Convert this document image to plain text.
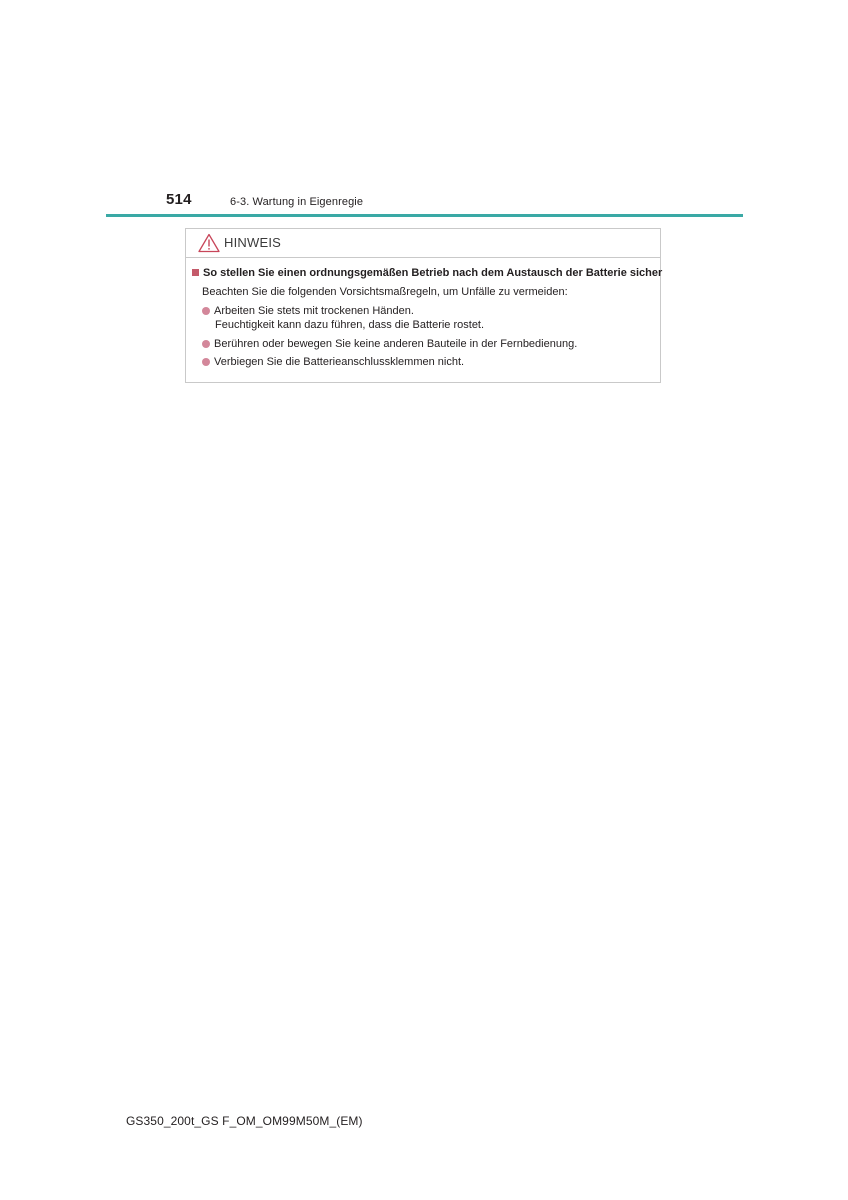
514	6-3. Wartung in Eigenregie
HINWEIS
So stellen Sie einen ordnungsgemäßen Betrieb nach dem Austausch der Batterie sicher
Beachten Sie die folgenden Vorsichtsmaßregeln, um Unfälle zu vermeiden:
Arbeiten Sie stets mit trockenen Händen.
Feuchtigkeit kann dazu führen, dass die Batterie rostet.
Berühren oder bewegen Sie keine anderen Bauteile in der Fernbedienung.
Verbiegen Sie die Batterieanschlussklemmen nicht.
GS350_200t_GS F_OM_OM99M50M_(EM)
